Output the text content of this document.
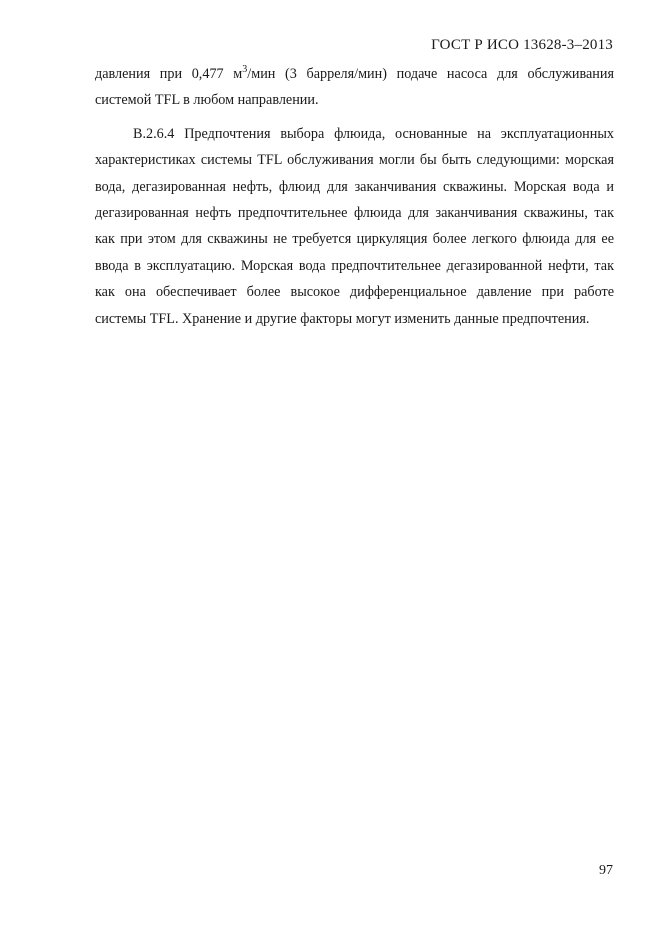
ГОСТ Р ИСО 13628-3–2013

давления при 0,477 $м^3$/мин (3 барреля/мин) подаче насоса для обслуживания системой TFL в любом направлении.

B.2.6.4 Предпочтения выбора флюида, основанные на эксплуатационных характеристиках системы TFL обслуживания могли бы быть следующими: морская вода, дегазированная нефть, флюид для заканчивания скважины. Морская вода и дегазированная нефть предпочтительнее флюида для заканчивания скважины, так как при этом для скважины не требуется циркуляция более легкого флюида для ее ввода в эксплуатацию. Морская вода предпочтительнее дегазированной нефти, так как она обеспечивает более высокое дифференциальное давление при работе системы TFL. Хранение и другие факторы могут изменить данные предпочтения.

97
